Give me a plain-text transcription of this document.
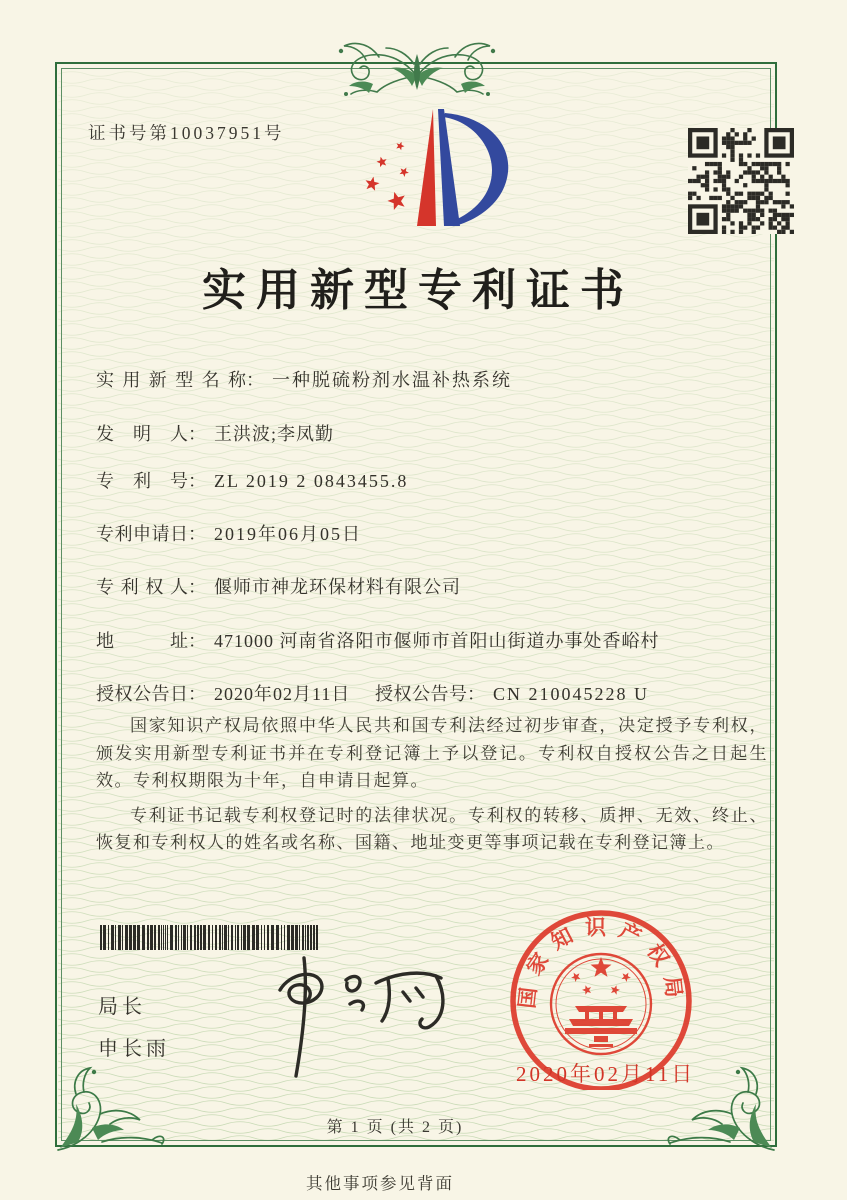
证书号第10037951号
实用新型专利证书
实用新型名称： 一种脱硫粉剂水温补热系统
发明人： 王洪波;李凤勤
专利号： ZL 2019 2 0843455.8
专利申请日： 2019年06月05日
专利权人： 偃师市神龙环保材料有限公司
地址： 471000 河南省洛阳市偃师市首阳山街道办事处香峪村
授权公告日： 2020年02月11日 授权公告号： CN 210045228 U

国家知识产权局依照中华人民共和国专利法经过初步审查，决定授予专利权，颁发实用新型专利证书并在专利登记簿上予以登记。专利权自授权公告之日起生效。专利权期限为十年，自申请日起算。

专利证书记载专利权登记时的法律状况。专利权的转移、质押、无效、终止、恢复和专利权人的姓名或名称、国籍、地址变更等事项记载在专利登记簿上。

局长
申长雨
国家知识产权局
2020年02月11日
第 1 页 (共 2 页)
其他事项参见背面
